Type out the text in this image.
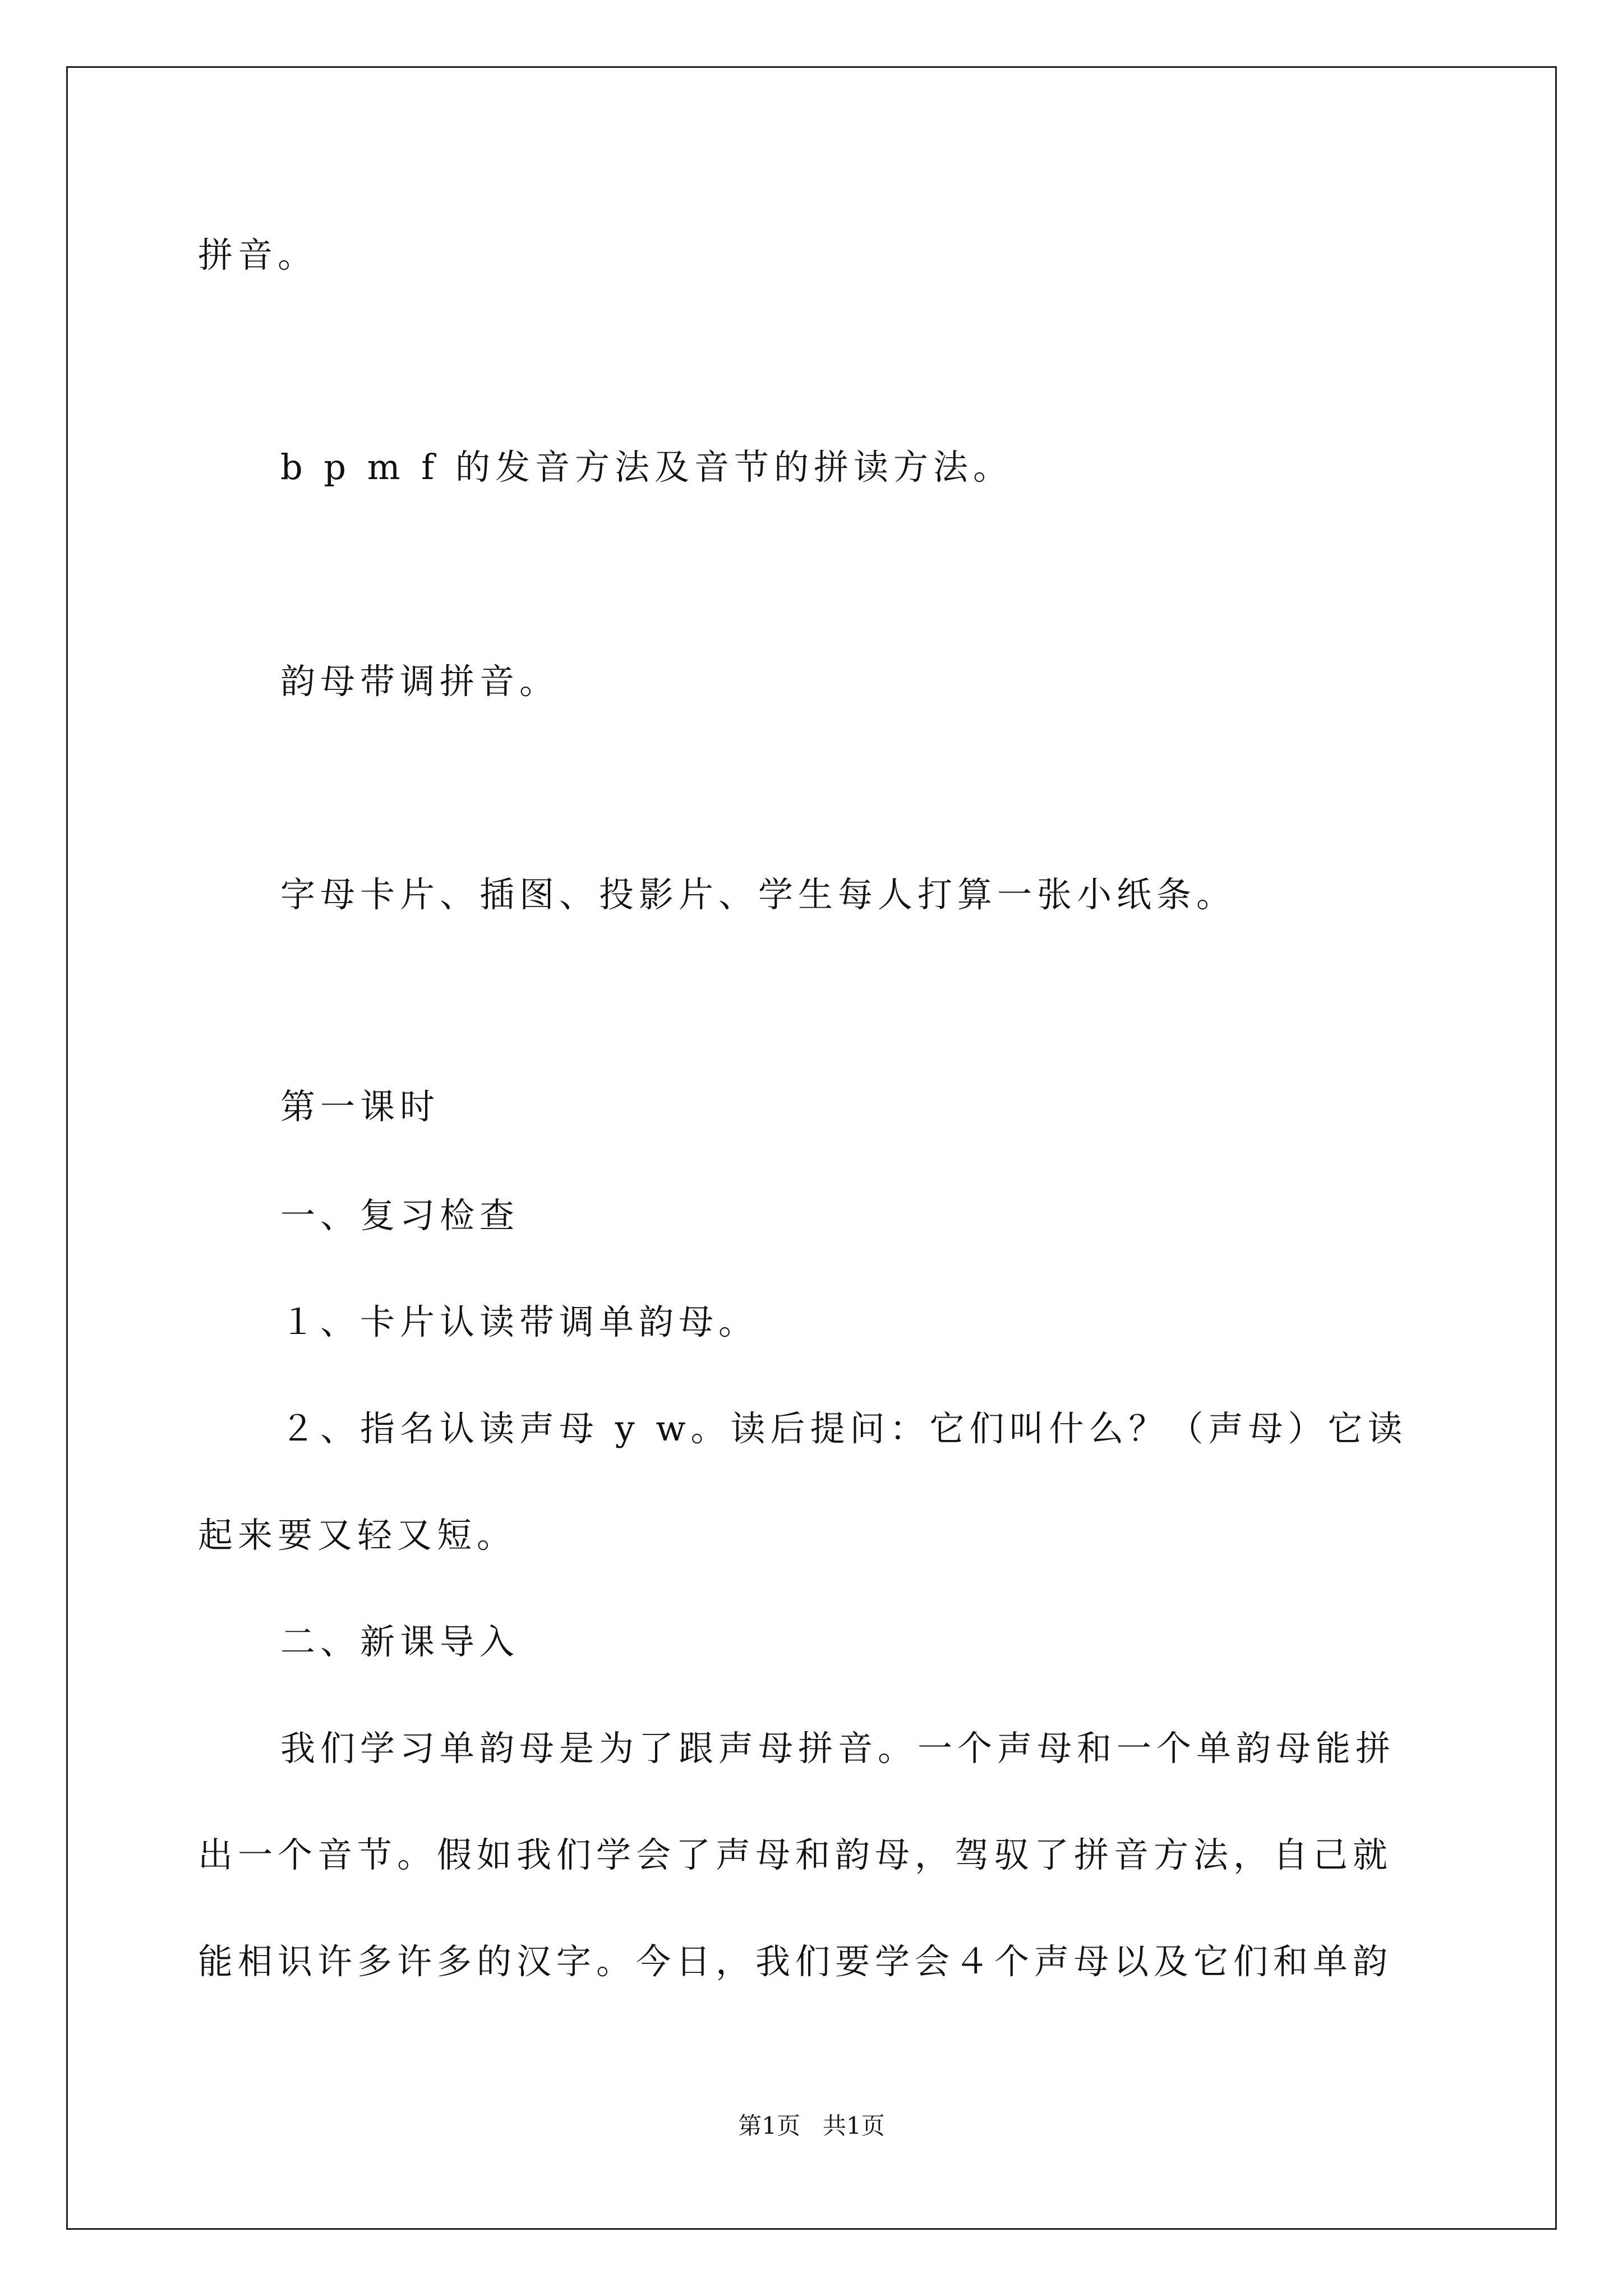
拼音。
b p m f 的发音方法及音节的拼读方法。
韵母带调拼音。
字母卡片、插图、投影片、学生每人打算一张小纸条。
第一课时
一、复习检查
１、卡片认读带调单韵母。
２、指名认读声母 y w。读后提问：它们叫什么？（声母）它读
起来要又轻又短。
二、新课导入
我们学习单韵母是为了跟声母拼音。一个声母和一个单韵母能拼
出一个音节。假如我们学会了声母和韵母，驾驭了拼音方法，自己就
能相识许多许多的汉字。今日，我们要学会４个声母以及它们和单韵
第1页   共1页
